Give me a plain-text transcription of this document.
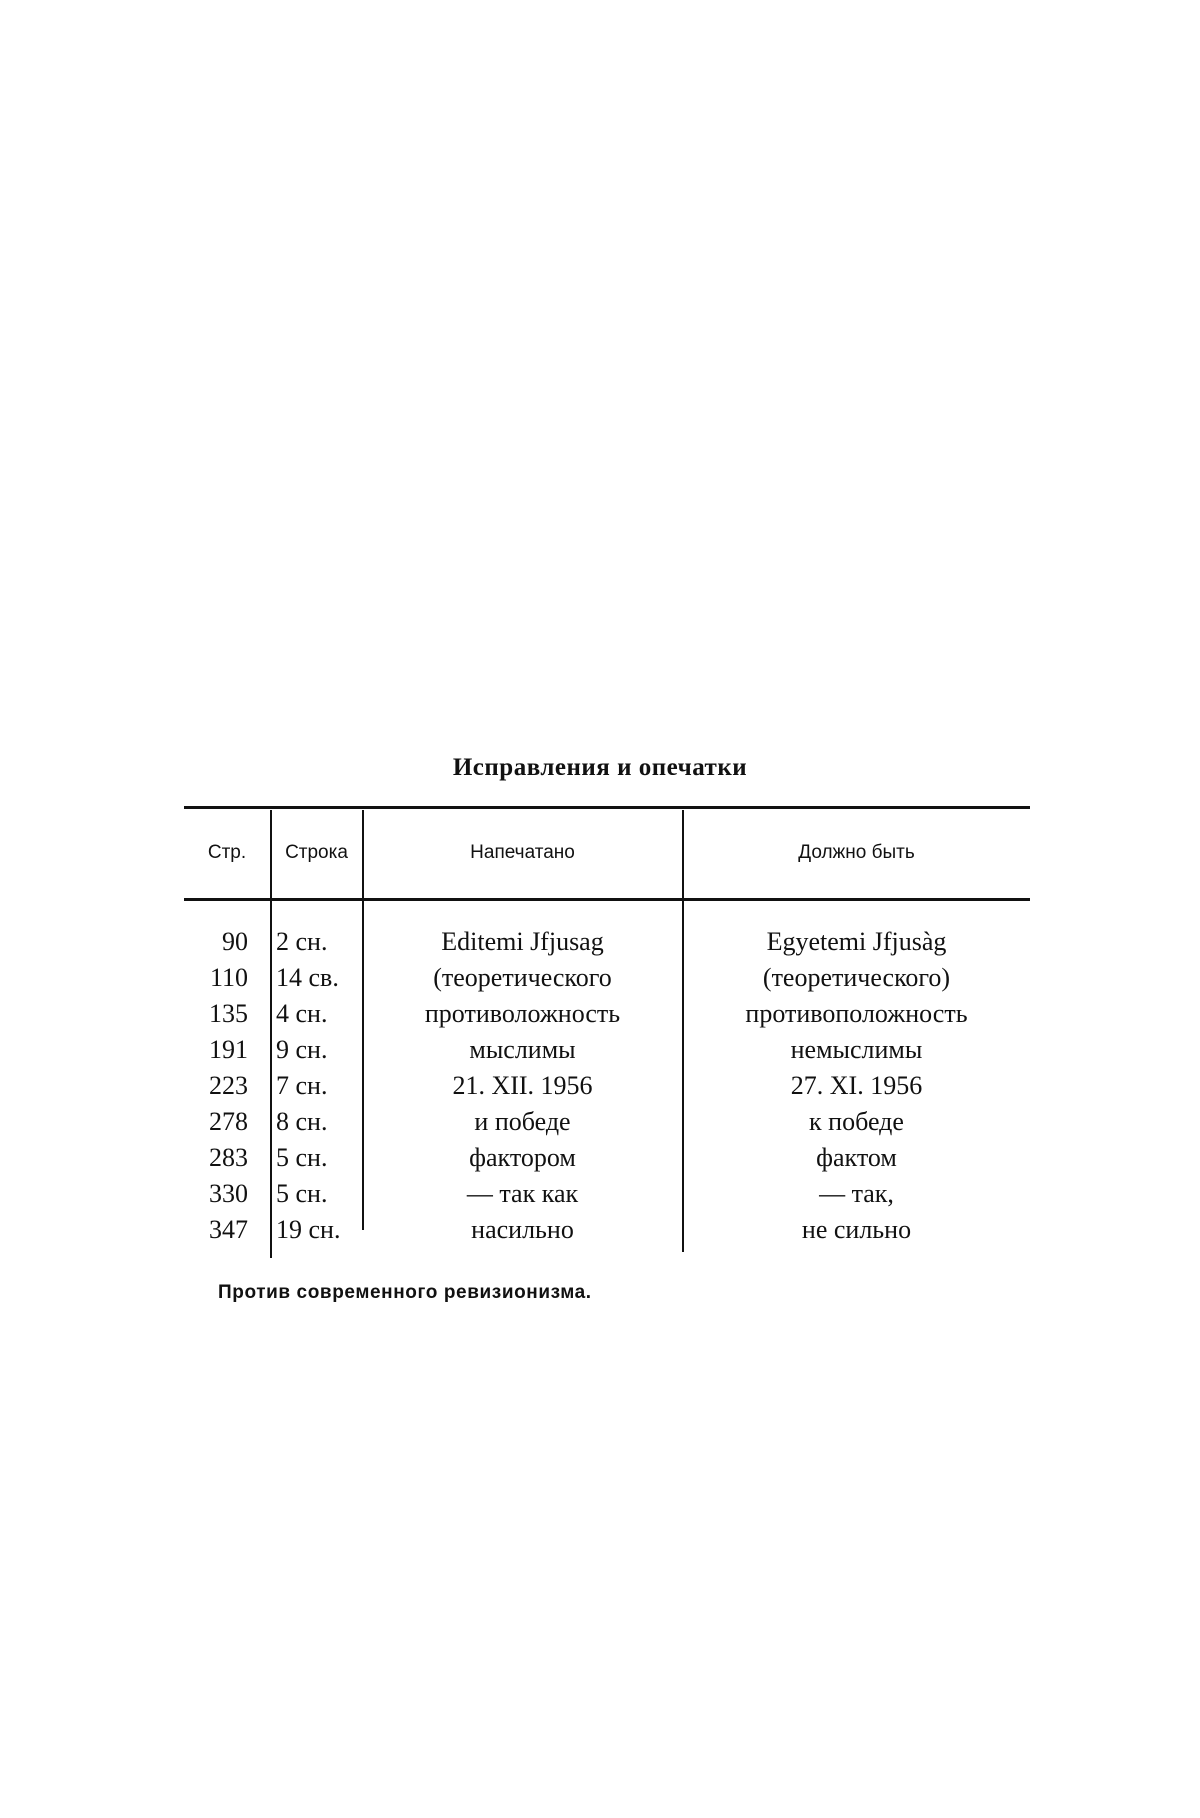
Исправления и опечатки
Стр.	Строка	Напечатано	Должно быть
90 2 сн.	Editemi Jfjusag	Egyetemi Jfjusàg
110 14 св.	(теоретического	(теоретического)
135 4 сн.	противоложность	противоположность
191 9 сн.	мыслимы	немыслимы
223 7 сн.	21. XII. 1956	27. XI. 1956
278 8 сн.	и победе	к победе
283 5 сн.	фактором	фактом
330 5 сн.	— так как	— так,
347 19 сн.	насильно	не сильно
Против современного ревизионизма.
